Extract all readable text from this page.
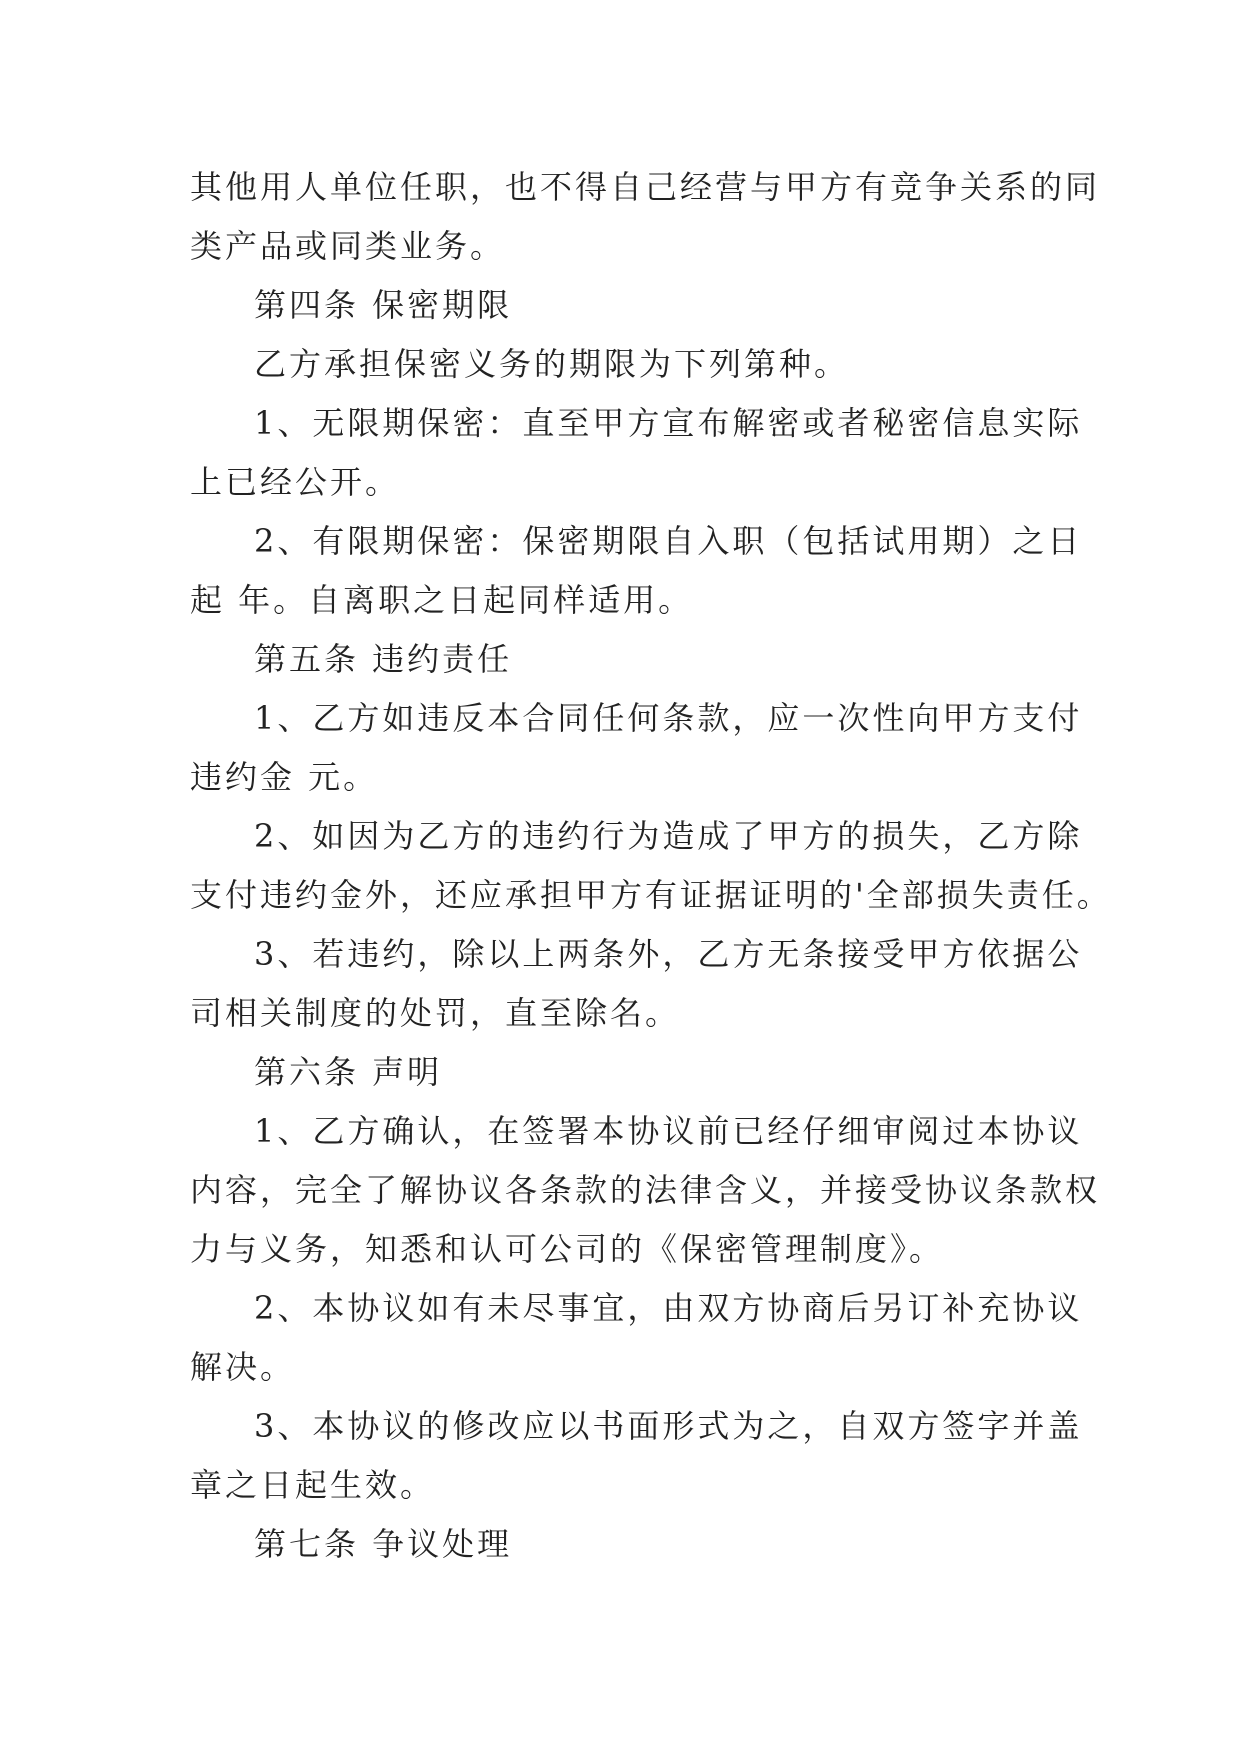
其他用人单位任职，也不得自己经营与甲方有竞争关系的同
类产品或同类业务。
第四条 保密期限
乙方承担保密义务的期限为下列第种。
1、无限期保密：直至甲方宣布解密或者秘密信息实际
上已经公开。
2、有限期保密：保密期限自入职（包括试用期）之日
起 年。自离职之日起同样适用。
第五条 违约责任
1、乙方如违反本合同任何条款，应一次性向甲方支付
违约金 元。
2、如因为乙方的违约行为造成了甲方的损失，乙方除
支付违约金外，还应承担甲方有证据证明的'全部损失责任。
3、若违约，除以上两条外，乙方无条接受甲方依据公
司相关制度的处罚，直至除名。
第六条 声明
1、乙方确认，在签署本协议前已经仔细审阅过本协议
内容，完全了解协议各条款的法律含义，并接受协议条款权
力与义务，知悉和认可公司的《保密管理制度》。
2、本协议如有未尽事宜，由双方协商后另订补充协议
解决。
3、本协议的修改应以书面形式为之，自双方签字并盖
章之日起生效。
第七条 争议处理
